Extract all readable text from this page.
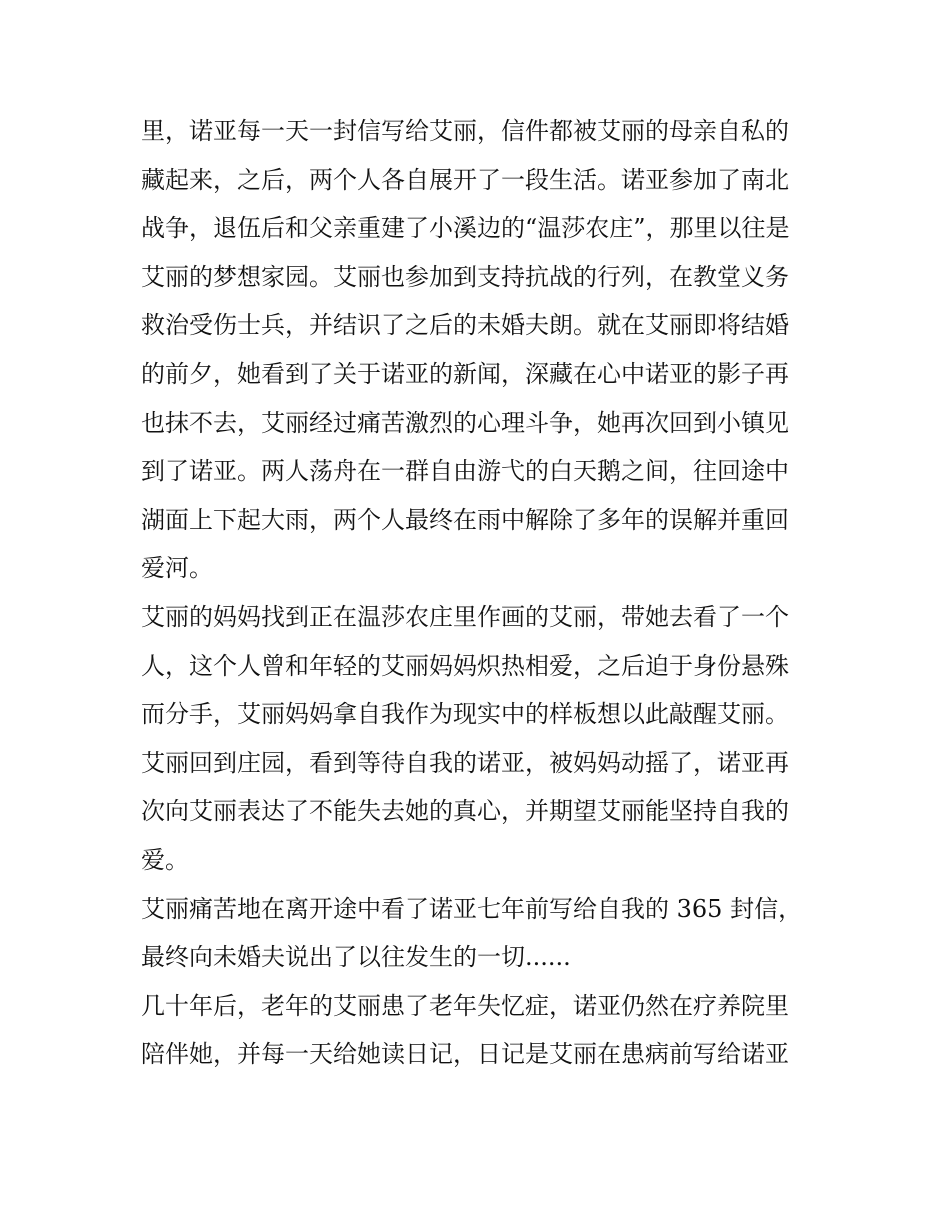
里，诺亚每一天一封信写给艾丽，信件都被艾丽的母亲自私的
藏起来，之后，两个人各自展开了一段生活。诺亚参加了南北
战争，退伍后和父亲重建了小溪边的“温莎农庄”，那里以往是
艾丽的梦想家园。艾丽也参加到支持抗战的行列，在教堂义务
救治受伤士兵，并结识了之后的未婚夫朗。就在艾丽即将结婚
的前夕，她看到了关于诺亚的新闻，深藏在心中诺亚的影子再
也抹不去，艾丽经过痛苦激烈的心理斗争，她再次回到小镇见
到了诺亚。两人荡舟在一群自由游弋的白天鹅之间，往回途中
湖面上下起大雨，两个人最终在雨中解除了多年的误解并重回
爱河。
艾丽的妈妈找到正在温莎农庄里作画的艾丽，带她去看了一个
人，这个人曾和年轻的艾丽妈妈炽热相爱，之后迫于身份悬殊
而分手，艾丽妈妈拿自我作为现实中的样板想以此敲醒艾丽。
艾丽回到庄园，看到等待自我的诺亚，被妈妈动摇了，诺亚再
次向艾丽表达了不能失去她的真心，并期望艾丽能坚持自我的
爱。
艾丽痛苦地在离开途中看了诺亚七年前写给自我的 365 封信，
最终向未婚夫说出了以往发生的一切......
几十年后，老年的艾丽患了老年失忆症，诺亚仍然在疗养院里
陪伴她，并每一天给她读日记，日记是艾丽在患病前写给诺亚
